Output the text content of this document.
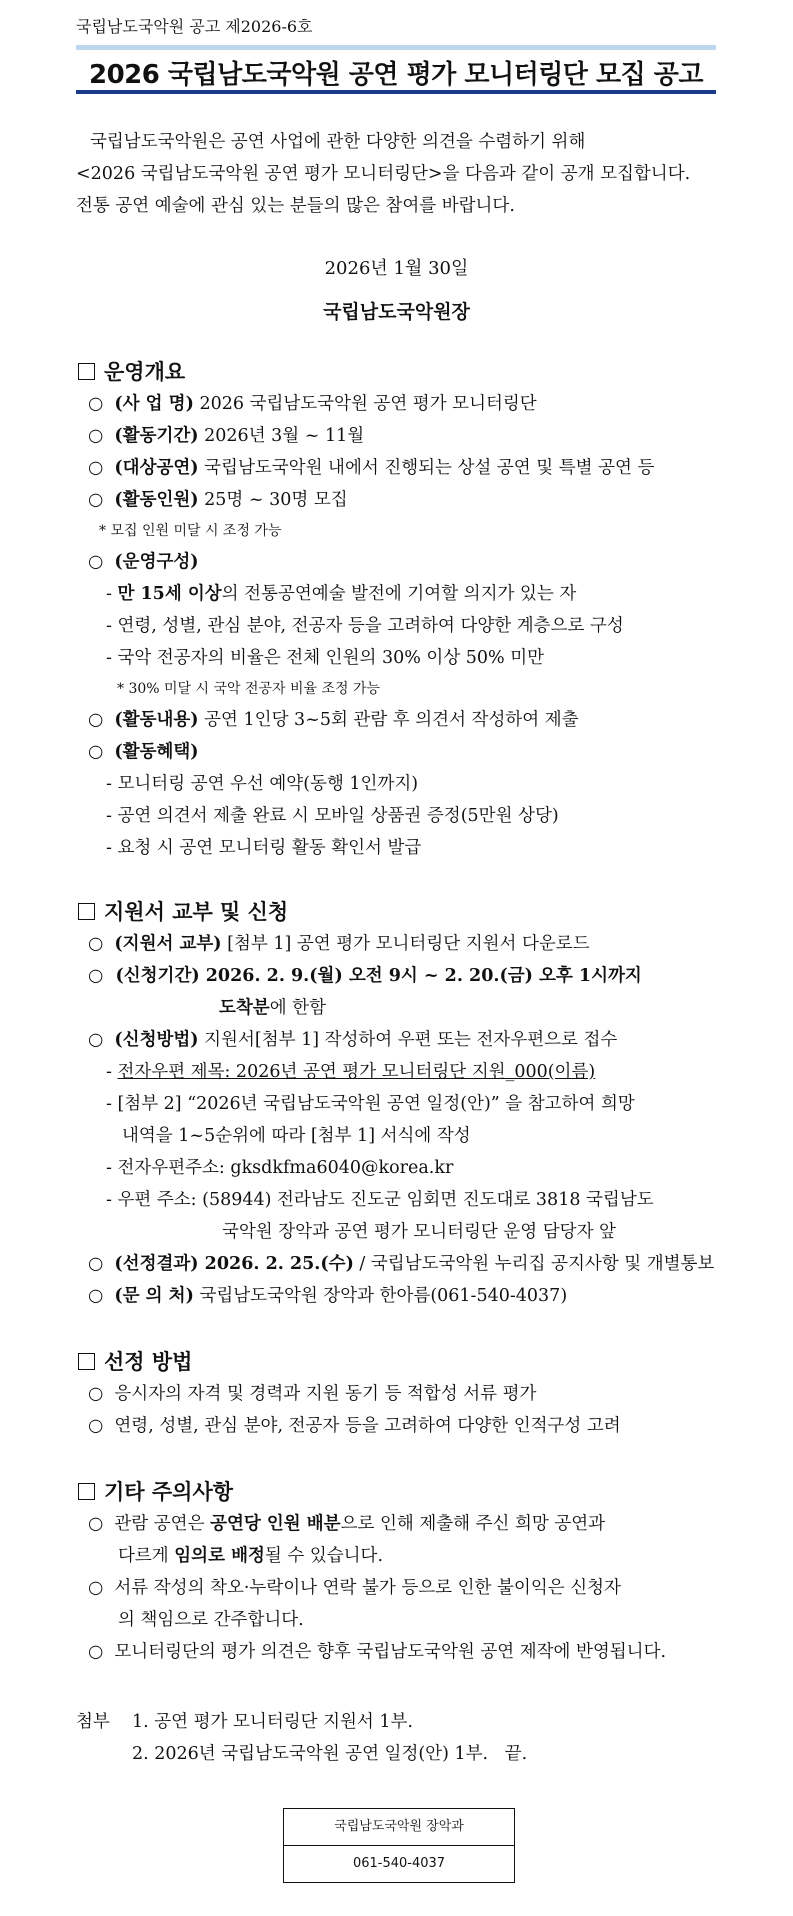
국립남도국악원 공고 제2026-6호
2026 국립남도국악원 공연 평가 모니터링단 모집 공고

국립남도국악원은 공연 사업에 관한 다양한 의견을 수렴하기 위해

<2026 국립남도국악원 공연 평가 모니터링단>을 다음과 같이 공개 모집합니다.

전통 공연 예술에 관심 있는 분들의 많은 참여를 바랍니다.

2026년 1월 30일
국립남도국악원장
운영개요
○  (사 업 명) 2026 국립남도국악원 공연 평가 모니터링단
○  (활동기간) 2026년 3월 ~ 11월
○  (대상공연) 국립남도국악원 내에서 진행되는 상설 공연 및 특별 공연 등
○  (활동인원) 25명 ~ 30명 모집
* 모집 인원 미달 시 조정 가능
○  (운영구성)
- 만 15세 이상의 전통공연예술 발전에 기여할 의지가 있는 자
- 연령, 성별, 관심 분야, 전공자 등을 고려하여 다양한 계층으로 구성
- 국악 전공자의 비율은 전체 인원의 30% 이상 50% 미만
* 30% 미달 시 국악 전공자 비율 조정 가능
○  (활동내용) 공연 1인당 3~5회 관람 후 의견서 작성하여 제출
○  (활동혜택)
- 모니터링 공연 우선 예약(동행 1인까지)
- 공연 의견서 제출 완료 시 모바일 상품권 증정(5만원 상당)
- 요청 시 공연 모니터링 활동 확인서 발급
지원서 교부 및 신청
○  (지원서 교부) [첨부 1] 공연 평가 모니터링단 지원서 다운로드
○  (신청기간) 2026. 2. 9.(월) 오전 9시 ~ 2. 20.(금) 오후 1시까지
도착분에 한함
○  (신청방법) 지원서[첨부 1] 작성하여 우편 또는 전자우편으로 접수
- 전자우편 제목: 2026년 공연 평가 모니터링단 지원_000(이름)
- [첨부 2] “2026년 국립남도국악원 공연 일정(안)” 을 참고하여 희망
내역을 1~5순위에 따라 [첨부 1] 서식에 작성
- 전자우편주소: gksdkfma6040@korea.kr
- 우편 주소: (58944) 전라남도 진도군 임회면 진도대로 3818 국립남도
국악원 장악과 공연 평가 모니터링단 운영 담당자 앞
○  (선정결과) 2026. 2. 25.(수) / 국립남도국악원 누리집 공지사항 및 개별통보
○  (문 의 처) 국립남도국악원 장악과 한아름(061-540-4037)
선정 방법
○  응시자의 자격 및 경력과 지원 동기 등 적합성 서류 평가
○  연령, 성별, 관심 분야, 전공자 등을 고려하여 다양한 인적구성 고려
기타 주의사항
○  관람 공연은 공연당 인원 배분으로 인해 제출해 주신 희망 공연과
다르게 임의로 배정될 수 있습니다.
○  서류 작성의 착오·누락이나 연락 불가 등으로 인한 불이익은 신청자
의 책임으로 간주합니다.
○  모니터링단의 평가 의견은 향후 국립남도국악원 공연 제작에 반영됩니다.
첨부 1. 공연 평가 모니터링단 지원서 1부.
2. 2026년 국립남도국악원 공연 일정(안) 1부. 끝.
국립남도국악원 장악과
061-540-4037
